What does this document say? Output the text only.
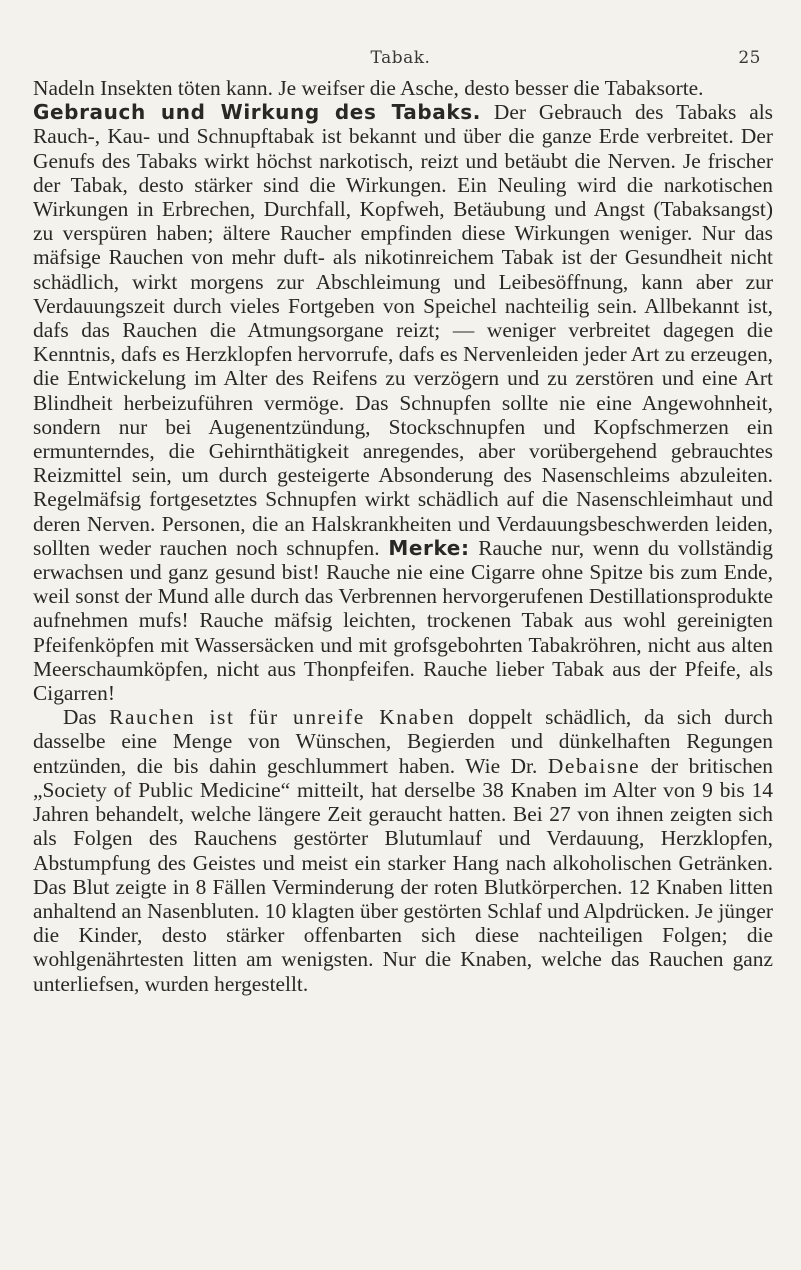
Tabak.	25

Nadeln Insekten töten kann. Je weifser die Asche, desto besser die Tabaksorte.

Gebrauch und Wirkung des Tabaks. Der Gebrauch des Tabaks als Rauch-, Kau- und Schnupftabak ist bekannt und über die ganze Erde verbreitet. Der Genufs des Tabaks wirkt höchst narkotisch, reizt und betäubt die Nerven. Je frischer der Tabak, desto stärker sind die Wirkungen. Ein Neuling wird die narkotischen Wirkungen in Erbrechen, Durchfall, Kopfweh, Betäubung und Angst (Tabaksangst) zu verspüren haben; ältere Raucher empfinden diese Wirkungen weniger. Nur das mäfsige Rauchen von mehr duft- als nikotinreichem Tabak ist der Gesundheit nicht schädlich, wirkt morgens zur Abschleimung und Leibesöffnung, kann aber zur Verdauungszeit durch vieles Fortgeben von Speichel nachteilig sein. Allbekannt ist, dafs das Rauchen die Atmungsorgane reizt; — weniger verbreitet dagegen die Kenntnis, dafs es Herzklopfen hervorrufe, dafs es Nervenleiden jeder Art zu erzeugen, die Entwickelung im Alter des Reifens zu verzögern und zu zerstören und eine Art Blindheit herbeizuführen vermöge. Das Schnupfen sollte nie eine Angewohnheit, sondern nur bei Augenentzündung, Stockschnupfen und Kopfschmerzen ein ermunterndes, die Gehirnthätigkeit anregendes, aber vorübergehend gebrauchtes Reizmittel sein, um durch gesteigerte Absonderung des Nasenschleims abzuleiten. Regelmäfsig fortgesetztes Schnupfen wirkt schädlich auf die Nasenschleimhaut und deren Nerven. Personen, die an Halskrankheiten und Verdauungsbeschwerden leiden, sollten weder rauchen noch schnupfen. Merke: Rauche nur, wenn du vollständig erwachsen und ganz gesund bist! Rauche nie eine Cigarre ohne Spitze bis zum Ende, weil sonst der Mund alle durch das Verbrennen hervorgerufenen Destillationsprodukte aufnehmen mufs! Rauche mäfsig leichten, trockenen Tabak aus wohl gereinigten Pfeifenköpfen mit Wassersäcken und mit grofsgebohrten Tabakröhren, nicht aus alten Meerschaumköpfen, nicht aus Thonpfeifen. Rauche lieber Tabak aus der Pfeife, als Cigarren!

Das Rauchen ist für unreife Knaben doppelt schädlich, da sich durch dasselbe eine Menge von Wünschen, Begierden und dünkelhaften Regungen entzünden, die bis dahin geschlummert haben. Wie Dr. Debaisne der britischen „Society of Public Medicine“ mitteilt, hat derselbe 38 Knaben im Alter von 9 bis 14 Jahren behandelt, welche längere Zeit geraucht hatten. Bei 27 von ihnen zeigten sich als Folgen des Rauchens gestörter Blutumlauf und Verdauung, Herzklopfen, Abstumpfung des Geistes und meist ein starker Hang nach alkoholischen Getränken. Das Blut zeigte in 8 Fällen Verminderung der roten Blutkörperchen. 12 Knaben litten anhaltend an Nasenbluten. 10 klagten über gestörten Schlaf und Alpdrücken. Je jünger die Kinder, desto stärker offenbarten sich diese nachteiligen Folgen; die wohlgenährtesten litten am wenigsten. Nur die Knaben, welche das Rauchen ganz unterliefsen, wurden hergestellt.
